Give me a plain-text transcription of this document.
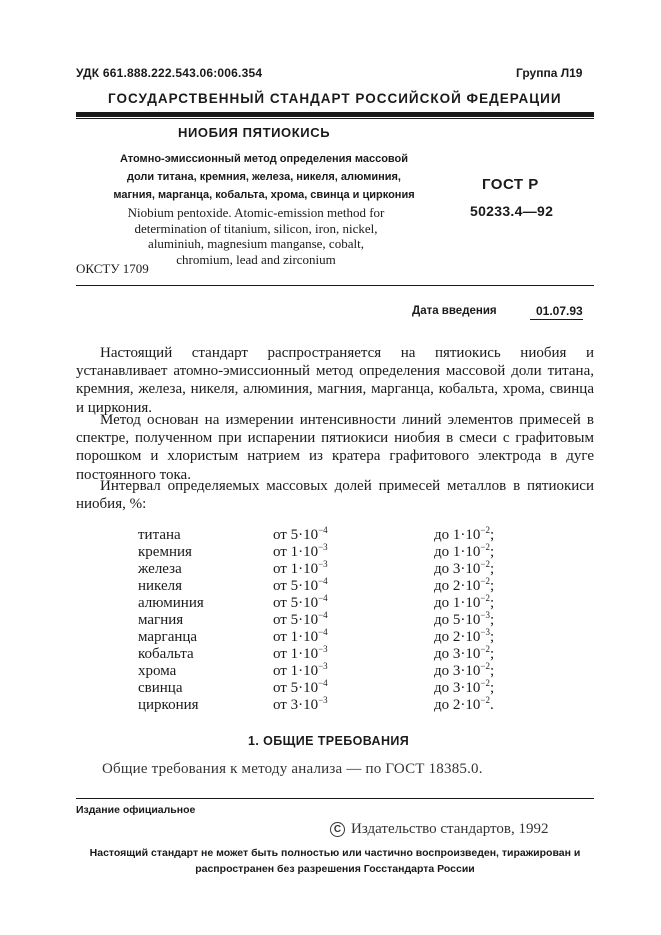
УДК 661.888.222.543.06:006.354	Группа Л19
ГОСУДАРСТВЕННЫЙ СТАНДАРТ РОССИЙСКОЙ ФЕДЕРАЦИИ
НИОБИЯ ПЯТИОКИСЬ
Атомно-эмиссионный метод определения массовой
доли титана, кремния, железа, никеля, алюминия,
магния, марганца, кобальта, хрома, свинца и циркония
ГОСТ Р
50233.4—92
Niobium pentoxide. Atomic-emission method for
determination of titanium, silicon, iron, nickel,
aluminiuh, magnesium manganse, cobalt,
chromium, lead and zirconium
ОКСТУ 1709
Дата введения	01.07.93
Настоящий стандарт распространяется на пятиокись ниобия и устанавливает атомно-эмиссионный метод определения массовой доли титана, кремния, железа, никеля, алюминия, магния, марганца, кобальта, хрома, свинца и циркония.
Метод основан на измерении интенсивности линий элементов примесей в спектре, полученном при испарении пятиокиси ниобия в смеси с графитовым порошком и хлористым натрием из кратера графитового электрода в дуге постоянного тока.
Интервал определяемых массовых долей примесей металлов в пятиокиси ниобия, %:
титана	от $5\cdot 10^{-4}$	до $1\cdot 10^{-2}$;
кремния	от $1\cdot 10^{-3}$	до $1\cdot 10^{-2}$;
железа	от $1\cdot 10^{-3}$	до $3\cdot 10^{-2}$;
никеля	от $5\cdot 10^{-4}$	до $2\cdot 10^{-2}$;
алюминия	от $5\cdot 10^{-4}$	до $1\cdot 10^{-2}$;
магния	от $5\cdot 10^{-4}$	до $5\cdot 10^{-3}$;
марганца	от $1\cdot 10^{-4}$	до $2\cdot 10^{-3}$;
кобальта	от $1\cdot 10^{-3}$	до $3\cdot 10^{-2}$;
хрома	от $1\cdot 10^{-3}$	до $3\cdot 10^{-2}$;
свинца	от $5\cdot 10^{-4}$	до $3\cdot 10^{-2}$;
циркония	от $3\cdot 10^{-3}$	до $2\cdot 10^{-2}$.
1. ОБЩИЕ ТРЕБОВАНИЯ
Общие требования к методу анализа — по ГОСТ 18385.0.
Издание официальное
C Издательство стандартов, 1992
Настоящий стандарт не может быть полностью или частично воспроизведен, тиражирован и распространен без разрешения Госстандарта России
